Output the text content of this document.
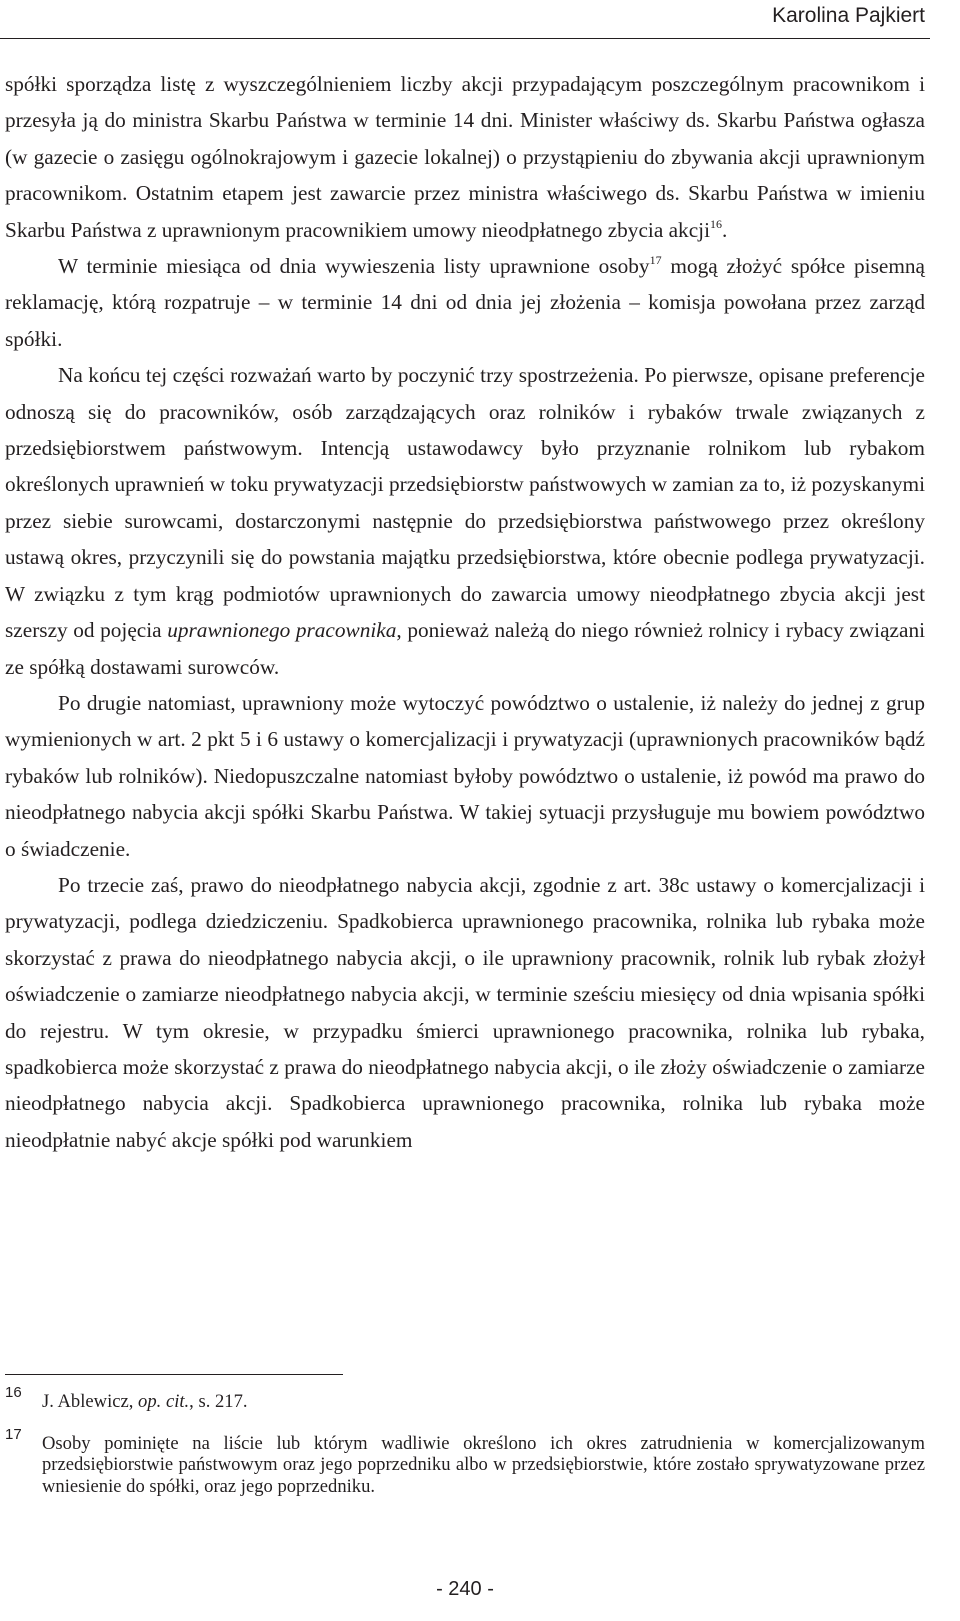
Karolina Pajkiert

spółki sporządza listę z wyszczególnieniem liczby akcji przypadającym poszczególnym pracownikom i przesyła ją do ministra Skarbu Państwa w terminie 14 dni. Minister właściwy ds. Skarbu Państwa ogłasza (w gazecie o zasięgu ogólnokrajowym i gazecie lokalnej) o przystąpieniu do zbywania akcji uprawnionym pracownikom. Ostatnim etapem jest zawarcie przez ministra właściwego ds. Skarbu Państwa w imieniu Skarbu Państwa z uprawnionym pracownikiem umowy nieodpłatnego zbycia akcji$^{16}$.

W terminie miesiąca od dnia wywieszenia listy uprawnione osoby$^{17}$ mogą złożyć spółce pisemną reklamację, którą rozpatruje – w terminie 14 dni od dnia jej złożenia – komisja powołana przez zarząd spółki.

Na końcu tej części rozważań warto by poczynić trzy spostrzeżenia. Po pierwsze, opisane preferencje odnoszą się do pracowników, osób zarządzających oraz rolników i rybaków trwale związanych z przedsiębiorstwem państwowym. Intencją ustawodawcy było przyznanie rolnikom lub rybakom określonych uprawnień w toku prywatyzacji przedsiębiorstw państwowych w zamian za to, iż pozyskanymi przez siebie surowcami, dostarczonymi następnie do przedsiębiorstwa państwowego przez określony ustawą okres, przyczynili się do powstania majątku przedsiębiorstwa, które obecnie podlega prywatyzacji. W związku z tym krąg podmiotów uprawnionych do zawarcia umowy nieodpłatnego zbycia akcji jest szerszy od pojęcia uprawnionego pracownika, ponieważ należą do niego również rolnicy i rybacy związani ze spółką dostawami surowców.

Po drugie natomiast, uprawniony może wytoczyć powództwo o ustalenie, iż należy do jednej z grup wymienionych w art. 2 pkt 5 i 6 ustawy o komercjalizacji i prywatyzacji (uprawnionych pracowników bądź rybaków lub rolników). Niedopuszczalne natomiast byłoby powództwo o ustalenie, iż powód ma prawo do nieodpłatnego nabycia akcji spółki Skarbu Państwa. W takiej sytuacji przysługuje mu bowiem powództwo o świadczenie.

Po trzecie zaś, prawo do nieodpłatnego nabycia akcji, zgodnie z art. 38c ustawy o komercjalizacji i prywatyzacji, podlega dziedziczeniu. Spadkobierca uprawnionego pracownika, rolnika lub rybaka może skorzystać z prawa do nieodpłatnego nabycia akcji, o ile uprawniony pracownik, rolnik lub rybak złożył oświadczenie o zamiarze nieodpłatnego nabycia akcji, w terminie sześciu miesięcy od dnia wpisania spółki do rejestru. W tym okresie, w przypadku śmierci uprawnionego pracownika, rolnika lub rybaka, spadkobierca może skorzystać z prawa do nieodpłatnego nabycia akcji, o ile złoży oświadczenie o zamiarze nieodpłatnego nabycia akcji. Spadkobierca uprawnionego pracownika, rolnika lub rybaka może nieodpłatnie nabyć akcje spółki pod warunkiem

16 J. Ablewicz, op. cit., s. 217.
17 Osoby pominięte na liście lub którym wadliwie określono ich okres zatrudnienia w komercjalizowanym przedsiębiorstwie państwowym oraz jego poprzedniku albo w przedsiębiorstwie, które zostało sprywatyzowane przez wniesienie do spółki, oraz jego poprzedniku.
- 240 -
